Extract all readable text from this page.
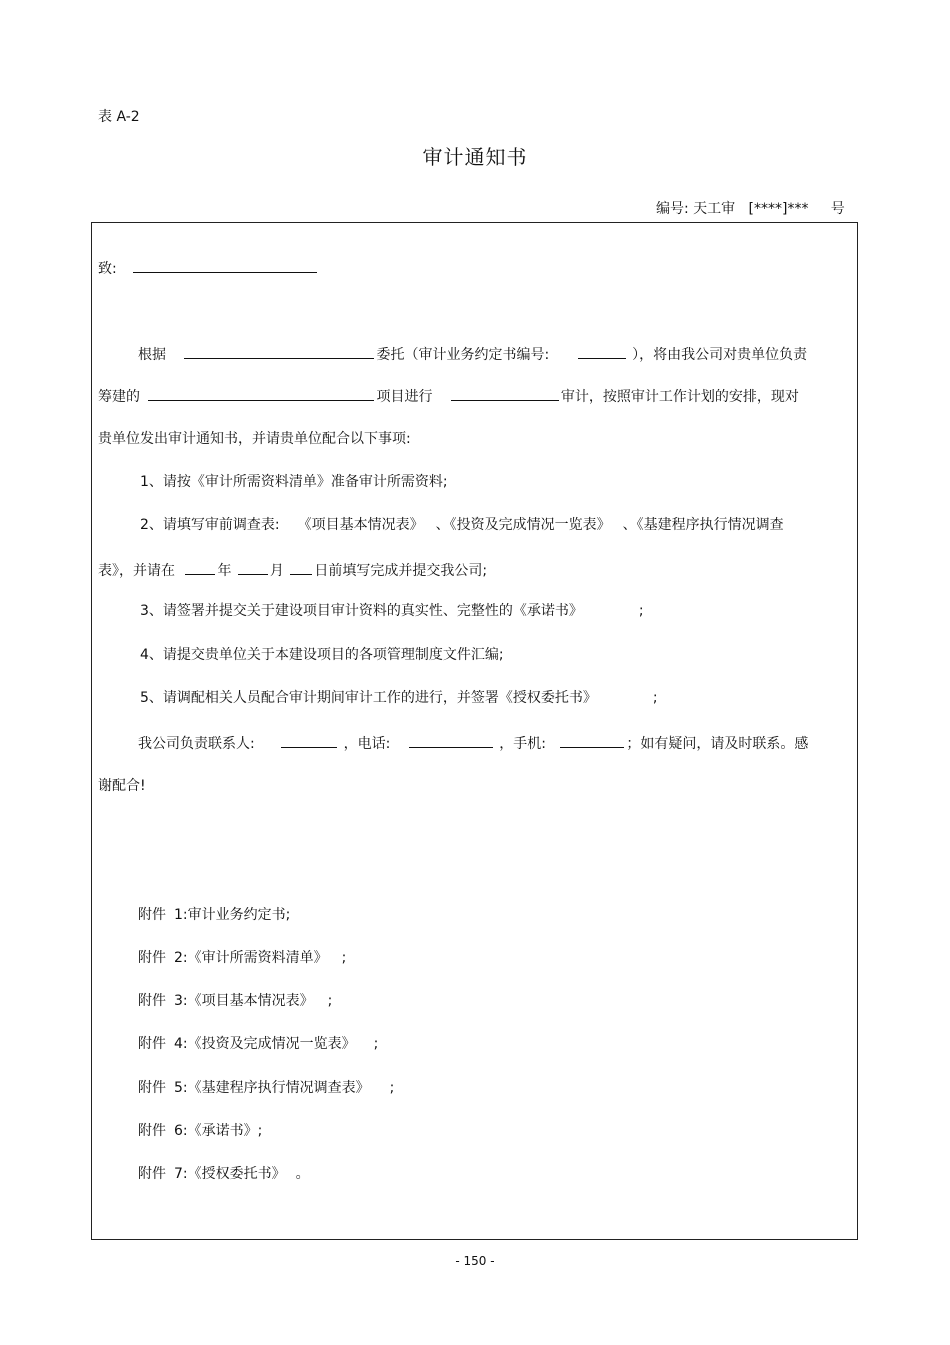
表 A-2
审计通知书
编号: 天工审 [****]*** 号
致:
根据	委托（审计业务约定书编号:	），将由我公司对贵单位负责
筹建的	项目进行	审计，按照审计工作计划的安排，现对
贵单位发出审计通知书，并请贵单位配合以下事项:
1、请按《审计所需资料清单》准备审计所需资料;
2、请填写审前调查表: 《项目基本情况表》 、《投资及完成情况一览表》 、《基建程序执行情况调查
表》，并请在	年	月 日前填写完成并提交我公司;
3、请签署并提交关于建设项目审计资料的真实性、完整性的《承诺书》	;
4、请提交贵单位关于本建设项目的各项管理制度文件汇编;
5、请调配相关人员配合审计期间审计工作的进行，并签署《授权委托书》	;
我公司负责联系人:	，电话:	，手机:	；如有疑问，请及时联系。感
谢配合!
附件 1:审计业务约定书;
附件 2:《审计所需资料清单》 ;
附件 3:《项目基本情况表》 ;
附件 4:《投资及完成情况一览表》 ;
附件 5:《基建程序执行情况调查表》 ;
附件 6:《承诺书》;
附件 7:《授权委托书》 。
- 150 -
